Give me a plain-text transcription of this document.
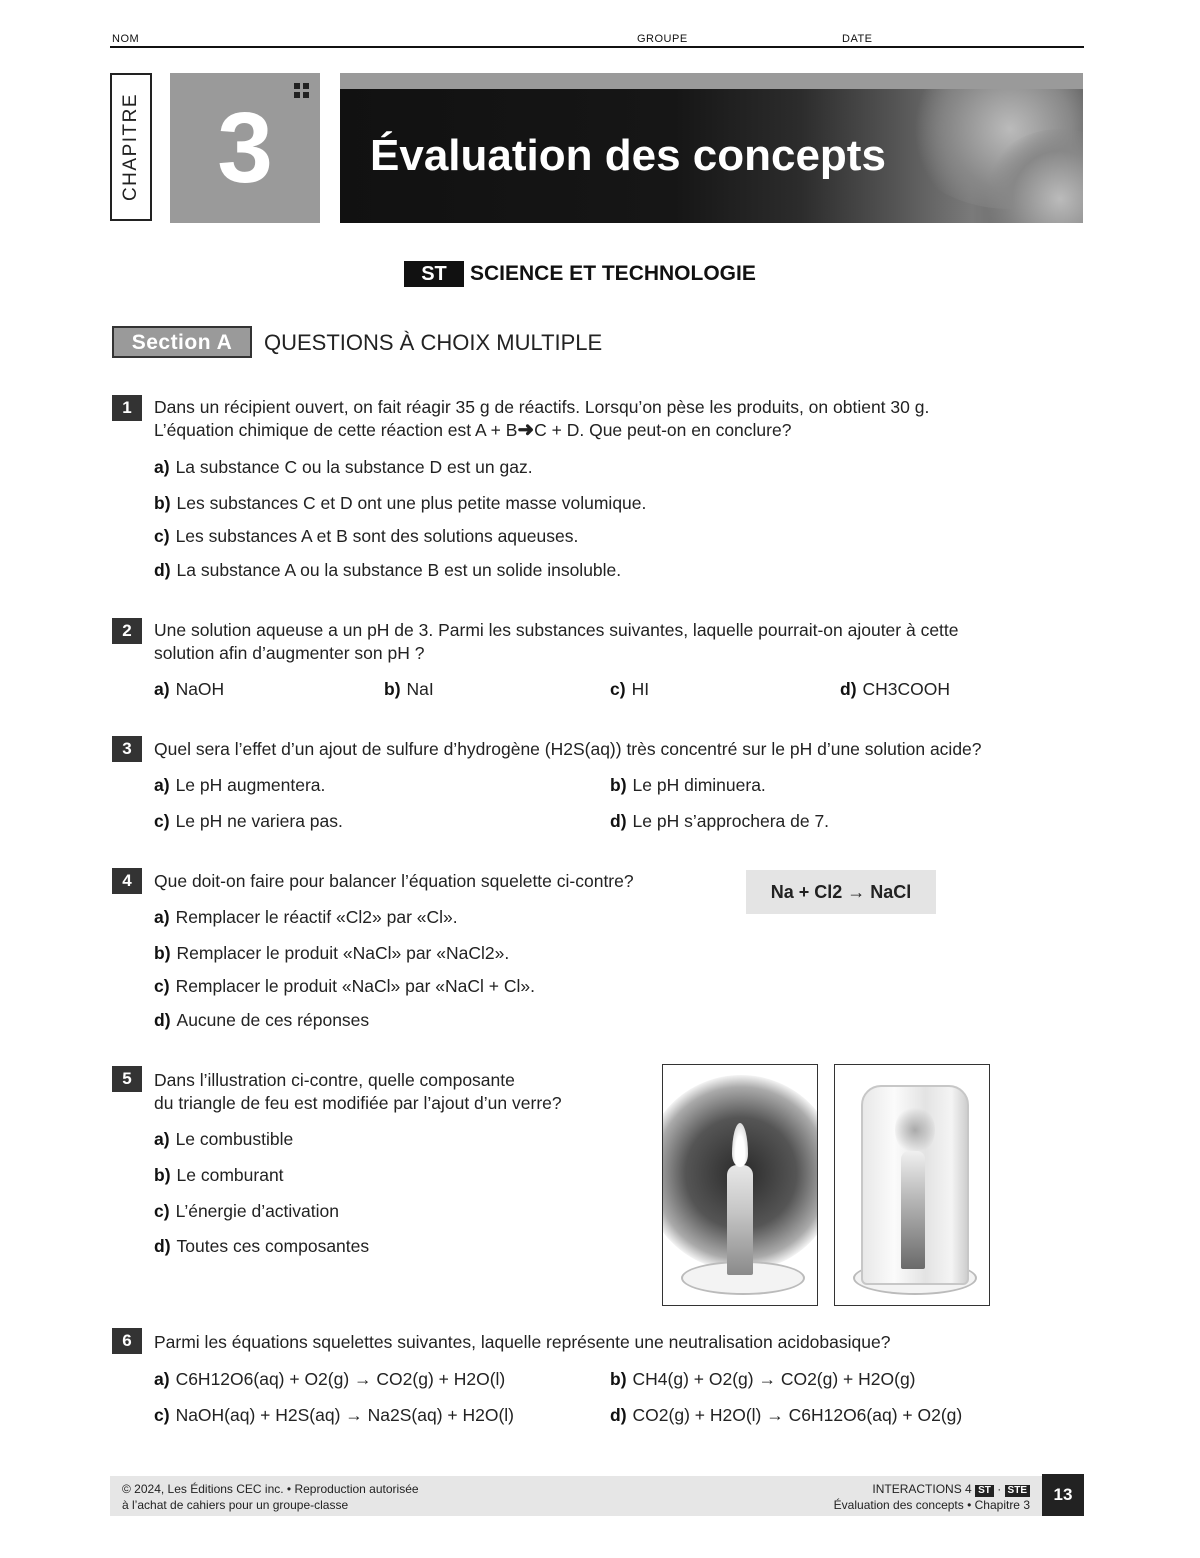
NOM	GROUPE	DATE
CHAPITRE 3	Évaluation des concepts
ST	SCIENCE ET TECHNOLOGIE
Section A	QUESTIONS À CHOIX MULTIPLE
1	Dans un récipient ouvert, on fait réagir 35 g de réactifs. Lorsqu’on pèse les produits, on obtient 30 g.
L’équation chimique de cette réaction est A + B➜C + D. Que peut-on en conclure?
a) La substance C ou la substance D est un gaz.
b) Les substances C et D ont une plus petite masse volumique.
c) Les substances A et B sont des solutions aqueuses.
d) La substance A ou la substance B est un solide insoluble.
2	Une solution aqueuse a un pH de 3. Parmi les substances suivantes, laquelle pourrait-on ajouter à cette
solution afin d’augmenter son pH ?
a) NaOH	b) NaI	c) HI	d) CH3COOH
3	Quel sera l’effet d’un ajout de sulfure d’hydrogène (H2S(aq)) très concentré sur le pH d’une solution acide?
a) Le pH augmentera.	b) Le pH diminuera.
c) Le pH ne variera pas.	d) Le pH s’approchera de 7.
4	Que doit-on faire pour balancer l’équation squelette ci-contre?
Na + Cl2 → NaCl
a) Remplacer le réactif «Cl2» par «Cl».
b) Remplacer le produit «NaCl» par «NaCl2».
c) Remplacer le produit «NaCl» par «NaCl + Cl».
d) Aucune de ces réponses
5	Dans l’illustration ci-contre, quelle composante
du triangle de feu est modifiée par l’ajout d’un verre?
a) Le combustible
b) Le comburant
c) L’énergie d’activation
d) Toutes ces composantes
6	Parmi les équations squelettes suivantes, laquelle représente une neutralisation acidobasique?
a) C6H12O6(aq) + O2(g) → CO2(g) + H2O(l)	b) CH4(g) + O2(g) → CO2(g) + H2O(g)
c) NaOH(aq) + H2S(aq) → Na2S(aq) + H2O(l)	d) CO2(g) + H2O(l) → C6H12O6(aq) + O2(g)
© 2024, Les Éditions CEC inc. • Reproduction autorisée
à l’achat de cahiers pour un groupe-classe
INTERACTIONS 4 ST · STE
Évaluation des concepts • Chapitre 3
13
